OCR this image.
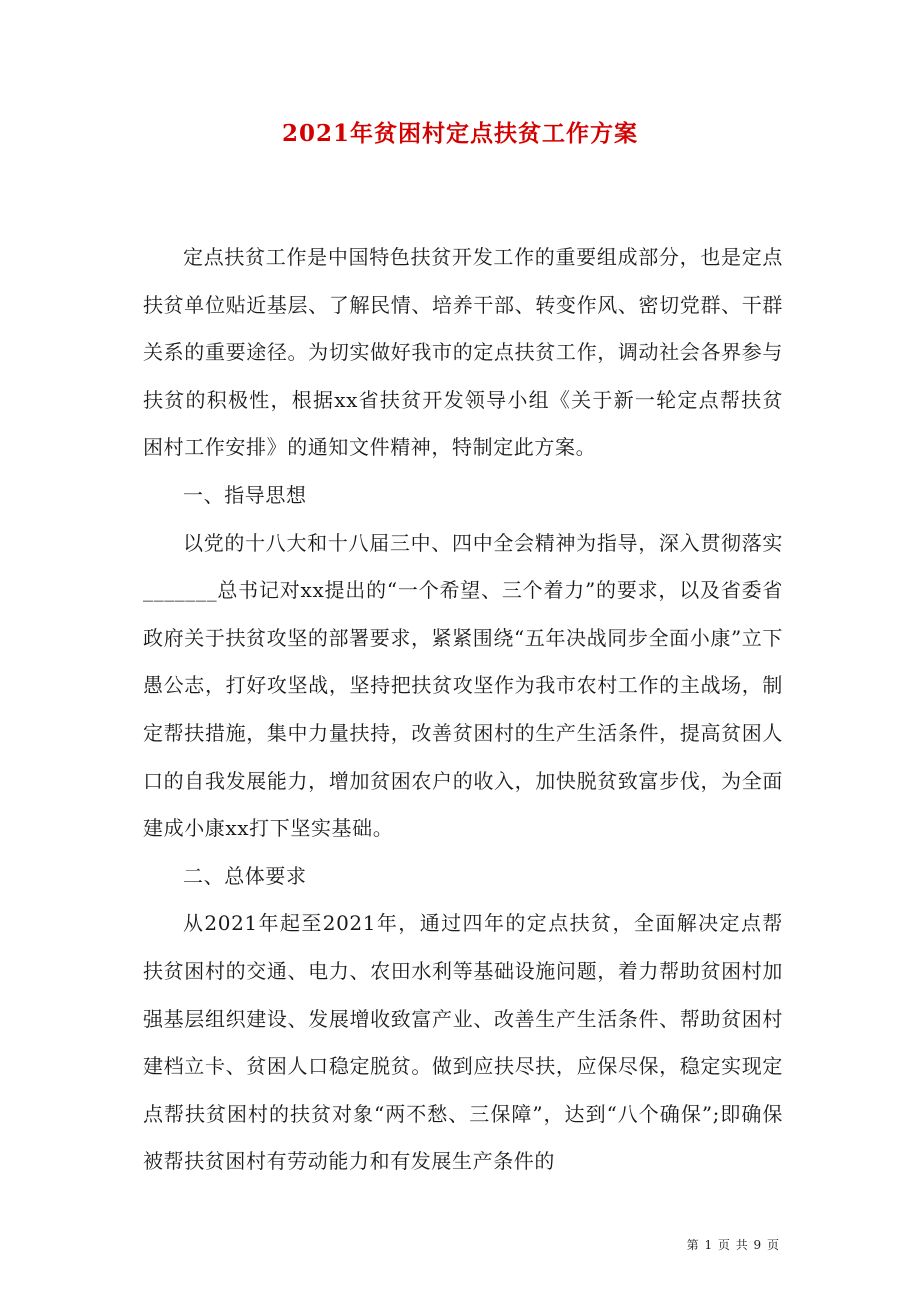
2021年贫困村定点扶贫工作方案

定点扶贫工作是中国特色扶贫开发工作的重要组成部分，也是定点扶贫单位贴近基层、了解民情、培养干部、转变作风、密切党群、干群关系的重要途径。为切实做好我市的定点扶贫工作，调动社会各界参与扶贫的积极性，根据xx省扶贫开发领导小组《关于新一轮定点帮扶贫困村工作安排》的通知文件精神，特制定此方案。

一、指导思想

以党的十八大和十八届三中、四中全会精神为指导，深入贯彻落实_______总书记对xx提出的“一个希望、三个着力”的要求，以及省委省政府关于扶贫攻坚的部署要求，紧紧围绕“五年决战同步全面小康”立下愚公志，打好攻坚战，坚持把扶贫攻坚作为我市农村工作的主战场，制定帮扶措施，集中力量扶持，改善贫困村的生产生活条件，提高贫困人口的自我发展能力，增加贫困农户的收入，加快脱贫致富步伐，为全面建成小康xx打下坚实基础。

二、总体要求

从2021年起至2021年，通过四年的定点扶贫，全面解决定点帮扶贫困村的交通、电力、农田水利等基础设施问题，着力帮助贫困村加强基层组织建设、发展增收致富产业、改善生产生活条件、帮助贫困村建档立卡、贫困人口稳定脱贫。做到应扶尽扶，应保尽保，稳定实现定点帮扶贫困村的扶贫对象“两不愁、三保障”，达到“八个确保”;即确保被帮扶贫困村有劳动能力和有发展生产条件的

第 1 页 共 9 页
